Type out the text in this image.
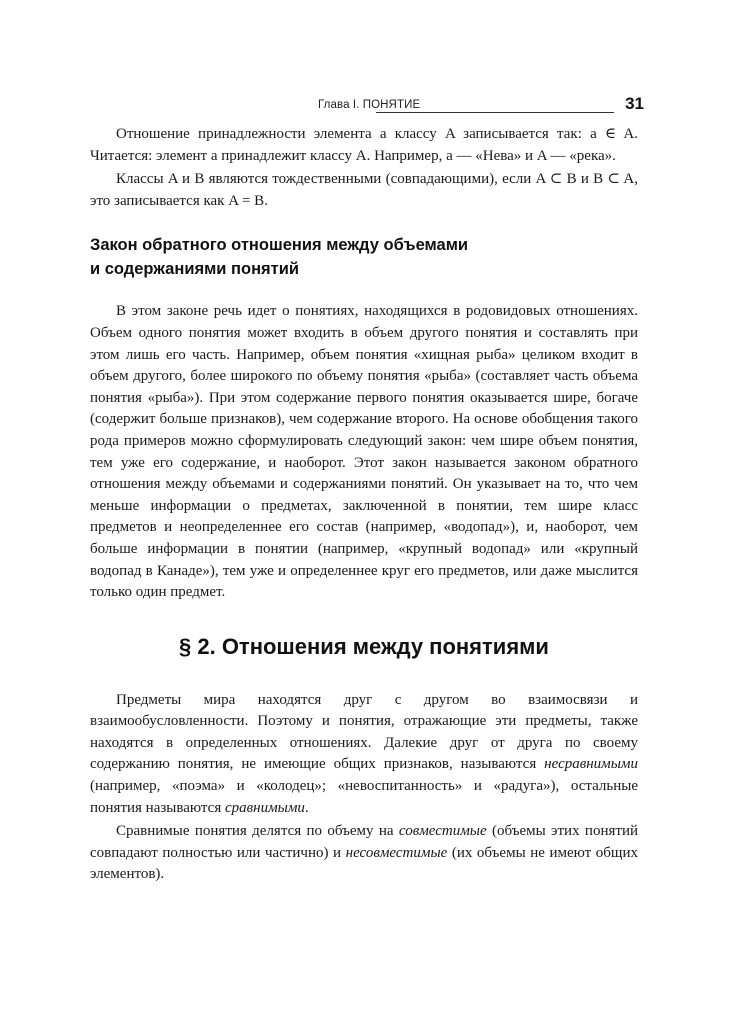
Глава I. ПОНЯТИЕ	31

Отношение принадлежности элемента a классу A записывается так: a ∈ A. Читается: элемент a принадлежит классу A. Например, a — «Нева» и A — «река».

Классы A и B являются тождественными (совпадающими), если A ⊂ B и B ⊂ A, это записывается как A = B.

Закон обратного отношения между объемами
и содержаниями понятий

В этом законе речь идет о понятиях, находящихся в родовидовых отношениях. Объем одного понятия может входить в объем другого понятия и составлять при этом лишь его часть. Например, объем понятия «хищная рыба» целиком входит в объем другого, более широкого по объему понятия «рыба» (составляет часть объема понятия «рыба»). При этом содержание первого понятия оказывается шире, богаче (содержит больше признаков), чем содержание второго. На основе обобщения такого рода примеров можно сформулировать следующий закон: чем шире объем понятия, тем уже его содержание, и наоборот. Этот закон называется законом обратного отношения между объемами и содержаниями понятий. Он указывает на то, что чем меньше информации о предметах, заключенной в понятии, тем шире класс предметов и неопределеннее его состав (например, «водопад»), и, наоборот, чем больше информации в понятии (например, «крупный водопад» или «крупный водопад в Канаде»), тем уже и определеннее круг его предметов, или даже мыслится только один предмет.

§ 2. Отношения между понятиями

Предметы мира находятся друг с другом во взаимосвязи и взаимообусловленности. Поэтому и понятия, отражающие эти предметы, также находятся в определенных отношениях. Далекие друг от друга по своему содержанию понятия, не имеющие общих признаков, называются несравнимыми (например, «поэма» и «колодец»; «невоспитанность» и «радуга»), остальные понятия называются сравнимыми.

Сравнимые понятия делятся по объему на совместимые (объемы этих понятий совпадают полностью или частично) и несовместимые (их объемы не имеют общих элементов).
